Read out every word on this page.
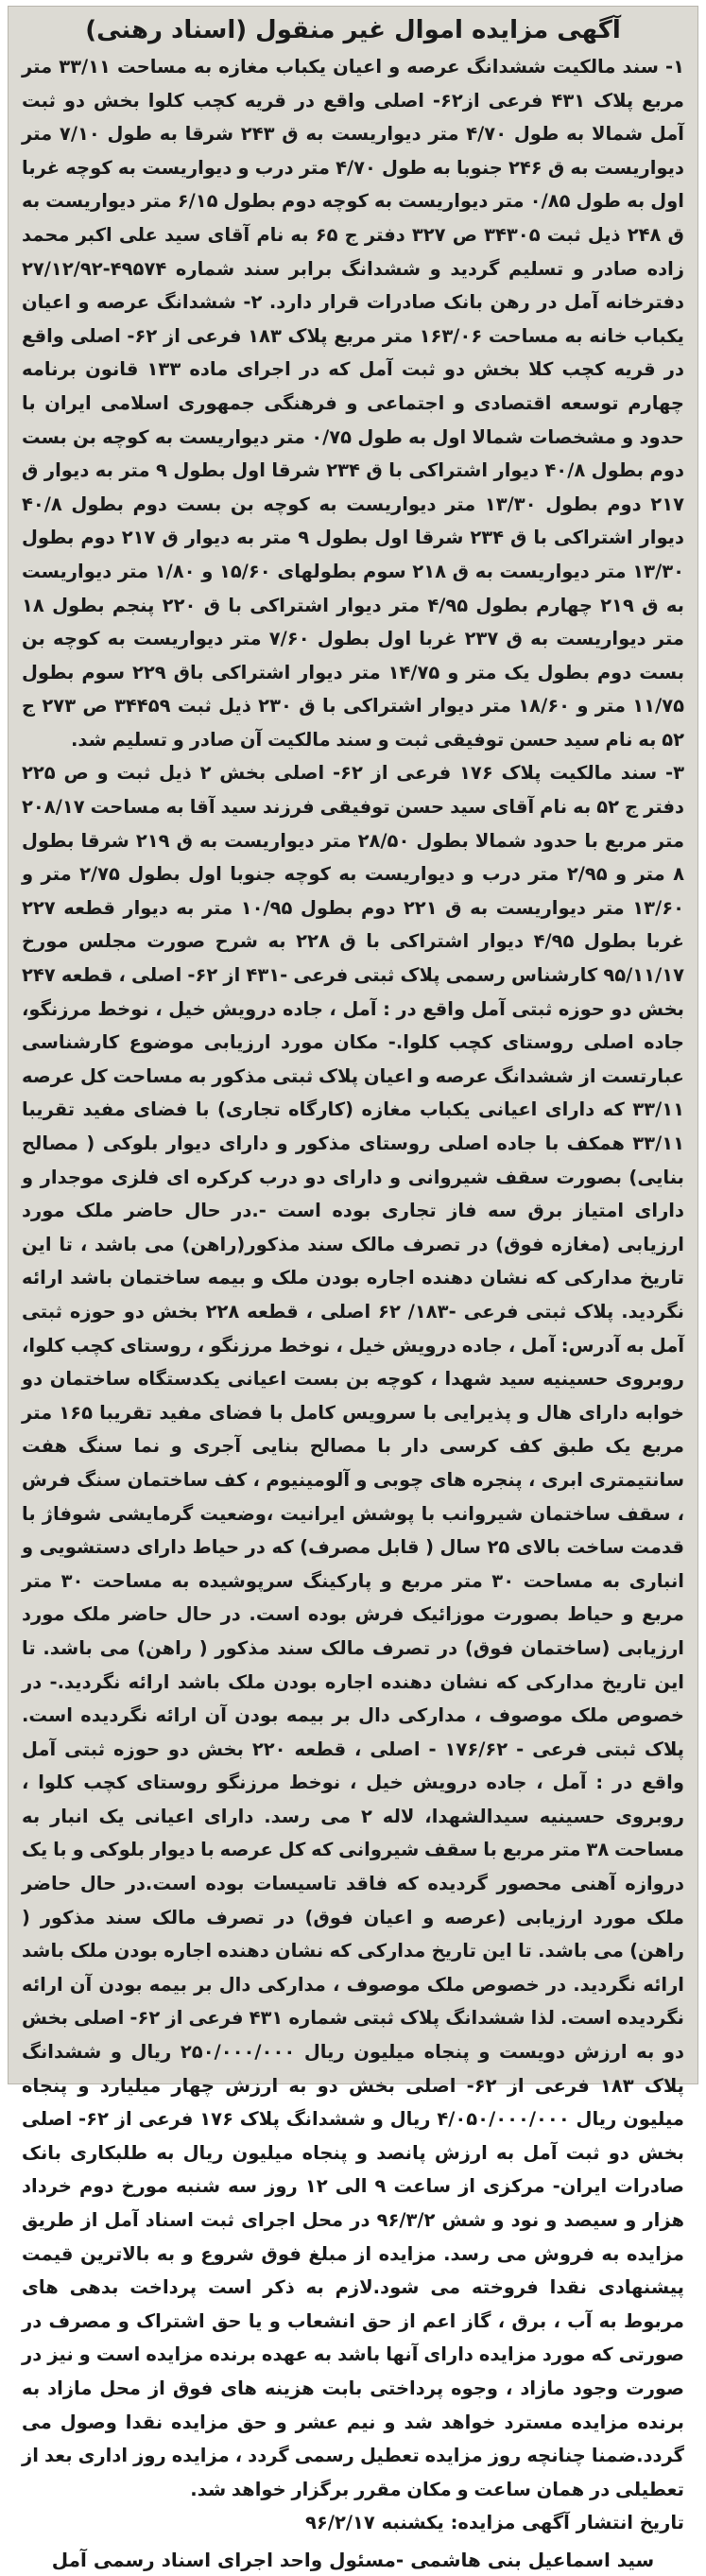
آگهی مزایده اموال غیر منقول (اسناد رهنی)

۱- سند مالکیت ششدانگ عرصه و اعیان یکباب مغازه به مساحت ۳۳/۱۱ متر مربع پلاک ۴۳۱ فرعی از۶۲- اصلی واقع در قریه کچب کلوا بخش دو ثبت آمل شمالا به طول ۴/۷۰ متر دیواریست به ق ۲۴۳ شرقا به طول ۷/۱۰ متر دیواریست به ق ۲۴۶ جنوبا به طول ۴/۷۰ متر درب و دیواریست به کوچه غربا اول به طول ۰/۸۵ متر دیواریست به کوچه دوم بطول ۶/۱۵ متر دیواریست به ق ۲۴۸ ذیل ثبت ۳۴۳۰۵ ص ۳۲۷ دفتر ج ۶۵ به نام آقای سید علی اکبر محمد زاده صادر و تسلیم گردید و ششدانگ برابر سند شماره ۴۹۵۷۴-۲۷/۱۲/۹۲ دفترخانه آمل در رهن بانک صادرات قرار دارد. ۲- ششدانگ عرصه و اعیان یکباب خانه به مساحت ۱۶۳/۰۶ متر مربع پلاک ۱۸۳ فرعی از ۶۲- اصلی واقع در قریه کچب کلا بخش دو ثبت آمل که در اجرای ماده ۱۳۳ قانون برنامه چهارم توسعه اقتصادی و اجتماعی و فرهنگی جمهوری اسلامی ایران با حدود و مشخصات شمالا اول به طول ۰/۷۵ متر دیواریست به کوچه بن بست دوم بطول ۴۰/۸ دیوار اشتراکی با ق ۲۳۴ شرقا اول بطول ۹ متر به دیوار ق ۲۱۷ دوم بطول ۱۳/۳۰ متر دیواریست به کوچه بن بست دوم بطول ۴۰/۸ دیوار اشتراکی با ق ۲۳۴ شرقا اول بطول ۹ متر به دیوار ق ۲۱۷ دوم بطول ۱۳/۳۰ متر دیواریست به ق ۲۱۸ سوم بطولهای ۱۵/۶۰ و ۱/۸۰ متر دیواریست به ق ۲۱۹ چهارم بطول ۴/۹۵ متر دیوار اشتراکی با ق ۲۲۰ پنجم بطول ۱۸ متر دیواریست به ق ۲۳۷ غربا اول بطول ۷/۶۰ متر دیواریست به کوچه بن بست دوم بطول یک متر و ۱۴/۷۵ متر دیوار اشتراکی باق ۲۲۹ سوم بطول ۱۱/۷۵ متر و ۱۸/۶۰ متر دیوار اشتراکی با ق ۲۳۰ ذیل ثبت ۳۴۴۵۹ ص ۲۷۳ ج ۵۲ به نام سید حسن توفیقی ثبت و سند مالکیت آن صادر و تسلیم شد.

۳- سند مالکیت پلاک ۱۷۶ فرعی از ۶۲- اصلی بخش ۲ ذیل ثبت و ص ۲۲۵ دفتر ج ۵۲ به نام آقای سید حسن توفیقی فرزند سید آقا به مساحت ۲۰۸/۱۷ متر مربع با حدود شمالا بطول ۲۸/۵۰ متر دیواریست به ق ۲۱۹ شرقا بطول ۸ متر و ۲/۹۵ متر درب و دیواریست به کوچه جنوبا اول بطول ۲/۷۵ متر و ۱۳/۶۰ متر دیواریست به ق ۲۲۱ دوم بطول ۱۰/۹۵ متر به دیوار قطعه ۲۲۷ غربا بطول ۴/۹۵ دیوار اشتراکی با ق ۲۲۸ به شرح صورت مجلس مورخ ۹۵/۱۱/۱۷ کارشناس رسمی پلاک ثبتی فرعی -۴۳۱ از ۶۲- اصلی ، قطعه ۲۴۷ بخش دو حوزه ثبتی آمل واقع در : آمل ، جاده درویش خیل ، نوخط مرزنگو، جاده اصلی روستای کچب کلوا.- مکان مورد ارزیابی موضوع کارشناسی عبارتست از ششدانگ عرصه و اعیان پلاک ثبتی مذکور به مساحت کل عرصه ۳۳/۱۱ که دارای اعیانی یکباب مغازه (کارگاه تجاری) با فضای مفید تقریبا ۳۳/۱۱ همکف با جاده اصلی روستای مذکور و دارای دیوار بلوکی ( مصالح بنایی) بصورت سقف شیروانی و دارای دو درب کرکره ای فلزی موجدار و دارای امتیاز برق سه فاز تجاری بوده است -.در حال حاضر ملک مورد ارزیابی (مغازه فوق) در تصرف مالک سند مذکور(راهن) می باشد ، تا این تاریخ مدارکی که نشان دهنده اجاره بودن ملک و بیمه ساختمان باشد ارائه نگردید. پلاک ثبتی فرعی -۱۸۳/ ۶۲ اصلی ، قطعه ۲۲۸ بخش دو حوزه ثبتی آمل به آدرس: آمل ، جاده درویش خیل ، نوخط مرزنگو ، روستای کچب کلوا، روبروی حسینیه سید شهدا ، کوچه بن بست اعیانی یکدستگاه ساختمان دو خوابه دارای هال و پذیرایی با سرویس کامل با فضای مفید تقریبا ۱۶۵ متر مربع یک طبق کف کرسی دار با مصالح بنایی آجری و نما سنگ هفت سانتیمتری ابری ، پنجره های چوبی و آلومینیوم ، کف ساختمان سنگ فرش ، سقف ساختمان شیروانب با پوشش ایرانیت ،وضعیت گرمایشی شوفاژ با قدمت ساخت بالای ۲۵ سال ( قابل مصرف) که در حیاط دارای دستشویی و انباری به مساحت ۳۰ متر مربع و پارکینگ سرپوشیده به مساحت ۳۰ متر مربع و حیاط بصورت موزائیک فرش بوده است. در حال حاضر ملک مورد ارزیابی (ساختمان فوق) در تصرف مالک سند مذکور ( راهن) می باشد. تا این تاریخ مدارکی که نشان دهنده اجاره بودن ملک باشد ارائه نگردید.- در خصوص ملک موصوف ، مدارکی دال بر بیمه بودن آن ارائه نگردیده است. پلاک ثبتی فرعی - ۱۷۶/۶۲ - اصلی ، قطعه ۲۲۰ بخش دو حوزه ثبتی آمل واقع در : آمل ، جاده درویش خیل ، نوخط مرزنگو روستای کچب کلوا ، روبروی حسینیه سیدالشهدا، لاله ۲ می رسد. دارای اعیانی یک انبار به مساحت ۳۸ متر مربع با سقف شیروانی که کل عرصه با دیوار بلوکی و با یک دروازه آهنی محصور گردیده که فاقد تاسیسات بوده است.در حال حاضر ملک مورد ارزیابی (عرصه و اعیان فوق) در تصرف مالک سند مذکور ( راهن) می باشد. تا این تاریخ مدارکی که نشان دهنده اجاره بودن ملک باشد ارائه نگردید. در خصوص ملک موصوف ، مدارکی دال بر بیمه بودن آن ارائه نگردیده است. لذا ششدانگ پلاک ثبتی شماره ۴۳۱ فرعی از ۶۲- اصلی بخش دو به ارزش دویست و پنجاه میلیون ریال ۲۵۰/۰۰۰/۰۰۰ ریال و ششدانگ پلاک ۱۸۳ فرعی از ۶۲- اصلی بخش دو به ارزش چهار میلیارد و پنجاه میلیون ریال ۴/۰۵۰/۰۰۰/۰۰۰ ریال و ششدانگ پلاک ۱۷۶ فرعی از ۶۲- اصلی بخش دو ثبت آمل به ارزش پانصد و پنجاه میلیون ریال به طلبکاری بانک صادرات ایران- مرکزی از ساعت ۹ الی ۱۲ روز سه شنبه مورخ دوم خرداد هزار و سیصد و نود و شش ۹۶/۳/۲ در محل اجرای ثبت اسناد آمل از طریق مزایده به فروش می رسد. مزایده از مبلغ فوق شروع و به بالاترین قیمت پیشنهادی نقدا فروخته می شود.لازم به ذکر است پرداخت بدهی های مربوط به آب ، برق ، گاز اعم از حق انشعاب و یا حق اشتراک و مصرف در صورتی که مورد مزایده دارای آنها باشد به عهده برنده مزایده است و نیز در صورت وجود مازاد ، وجوه پرداختی بابت هزینه های فوق از محل مازاد به برنده مزایده مسترد خواهد شد و نیم عشر و حق مزایده نقدا وصول می گردد.ضمنا چنانچه روز مزایده تعطیل رسمی گردد ، مزایده روز اداری بعد از تعطیلی در همان ساعت و مکان مقرر برگزار خواهد شد.

تاریخ انتشار آگهی مزایده: یکشنبه ۹۶/۲/۱۷

سید اسماعیل بنی هاشمی -مسئول واحد اجرای اسناد رسمی آمل
